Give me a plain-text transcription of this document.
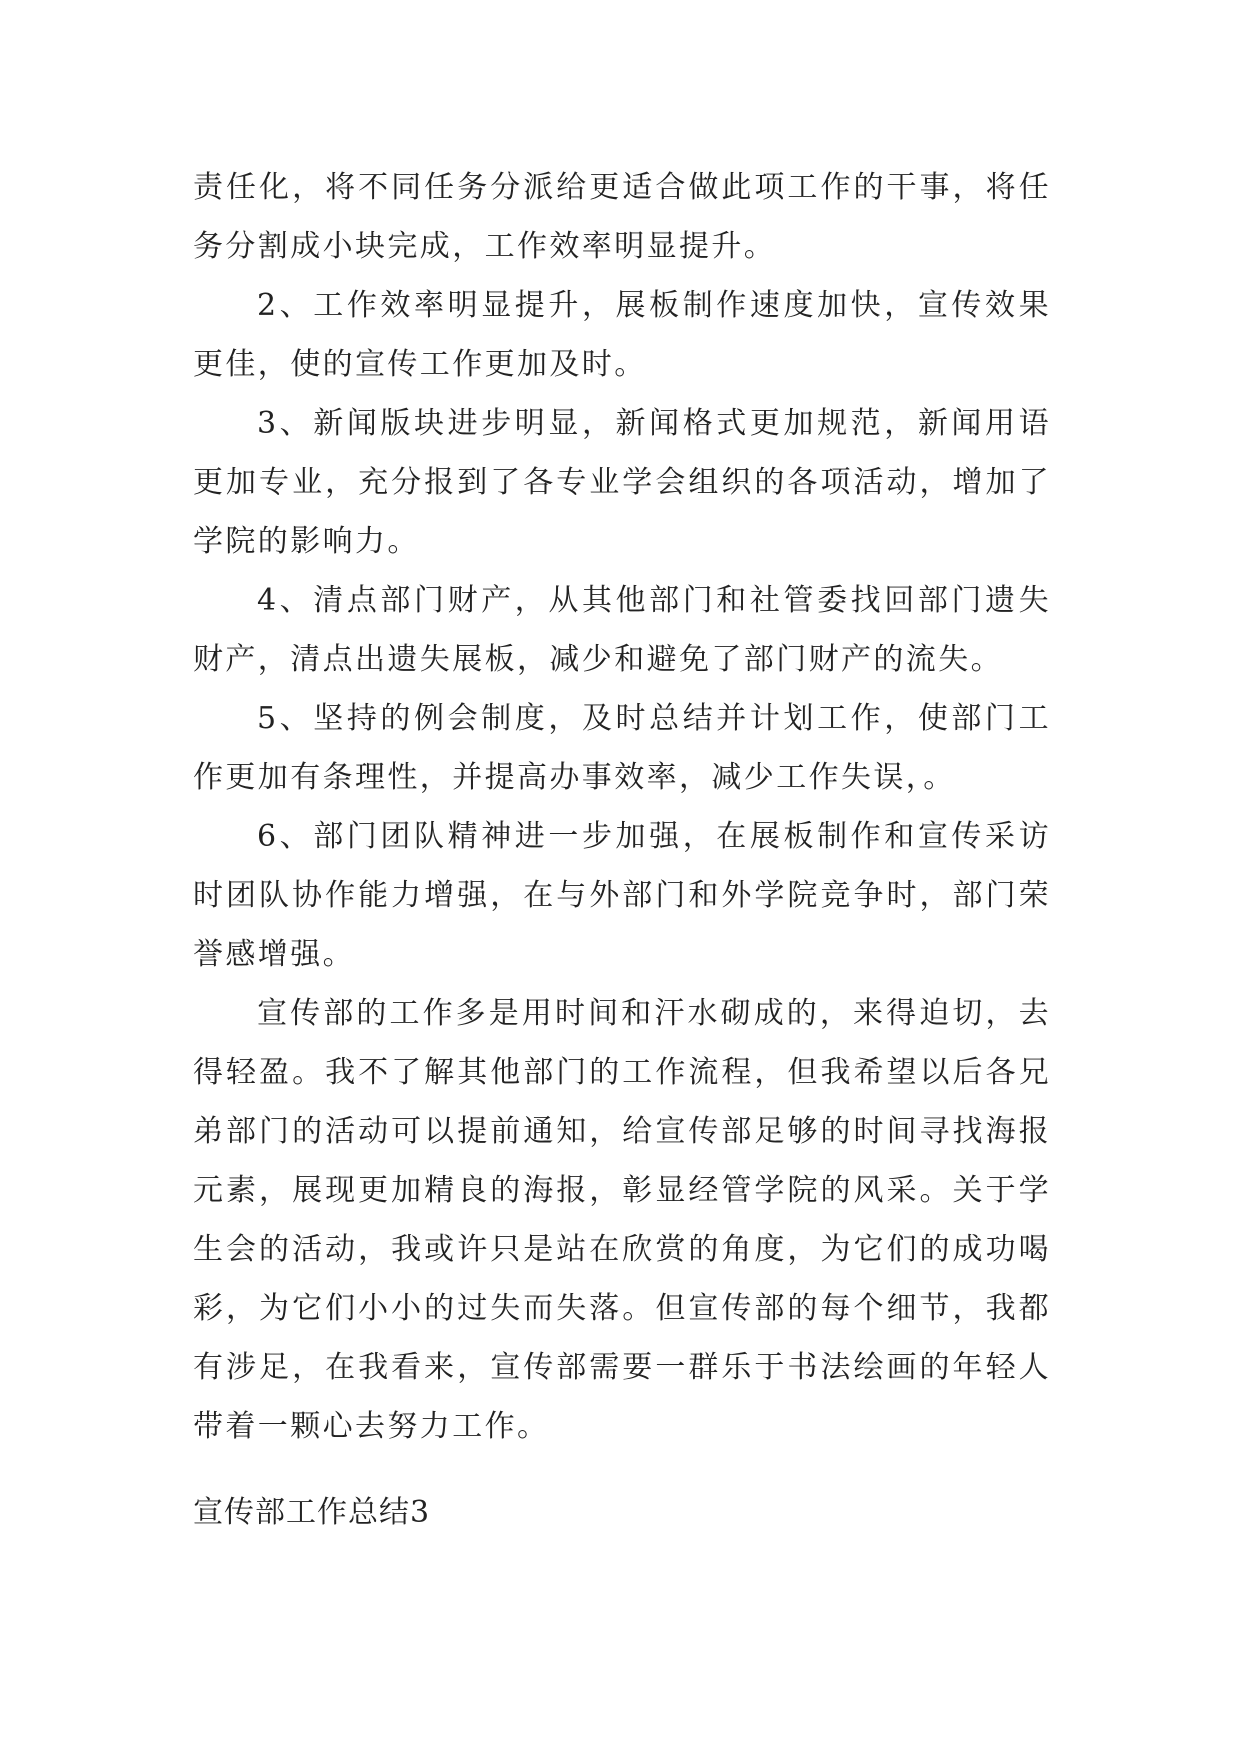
责任化，将不同任务分派给更适合做此项工作的干事，将任务分割成小块完成，工作效率明显提升。

2、工作效率明显提升，展板制作速度加快，宣传效果更佳，使的宣传工作更加及时。

3、新闻版块进步明显，新闻格式更加规范，新闻用语更加专业，充分报到了各专业学会组织的各项活动，增加了学院的影响力。

4、清点部门财产，从其他部门和社管委找回部门遗失财产，清点出遗失展板，减少和避免了部门财产的流失。

5、坚持的例会制度，及时总结并计划工作，使部门工作更加有条理性，并提高办事效率，减少工作失误，。

6、部门团队精神进一步加强，在展板制作和宣传采访时团队协作能力增强，在与外部门和外学院竞争时，部门荣誉感增强。

宣传部的工作多是用时间和汗水砌成的，来得迫切，去得轻盈。我不了解其他部门的工作流程，但我希望以后各兄弟部门的活动可以提前通知，给宣传部足够的时间寻找海报元素，展现更加精良的海报，彰显经管学院的风采。关于学生会的活动，我或许只是站在欣赏的角度，为它们的成功喝彩，为它们小小的过失而失落。但宣传部的每个细节，我都有涉足，在我看来，宣传部需要一群乐于书法绘画的年轻人带着一颗心去努力工作。

宣传部工作总结3
